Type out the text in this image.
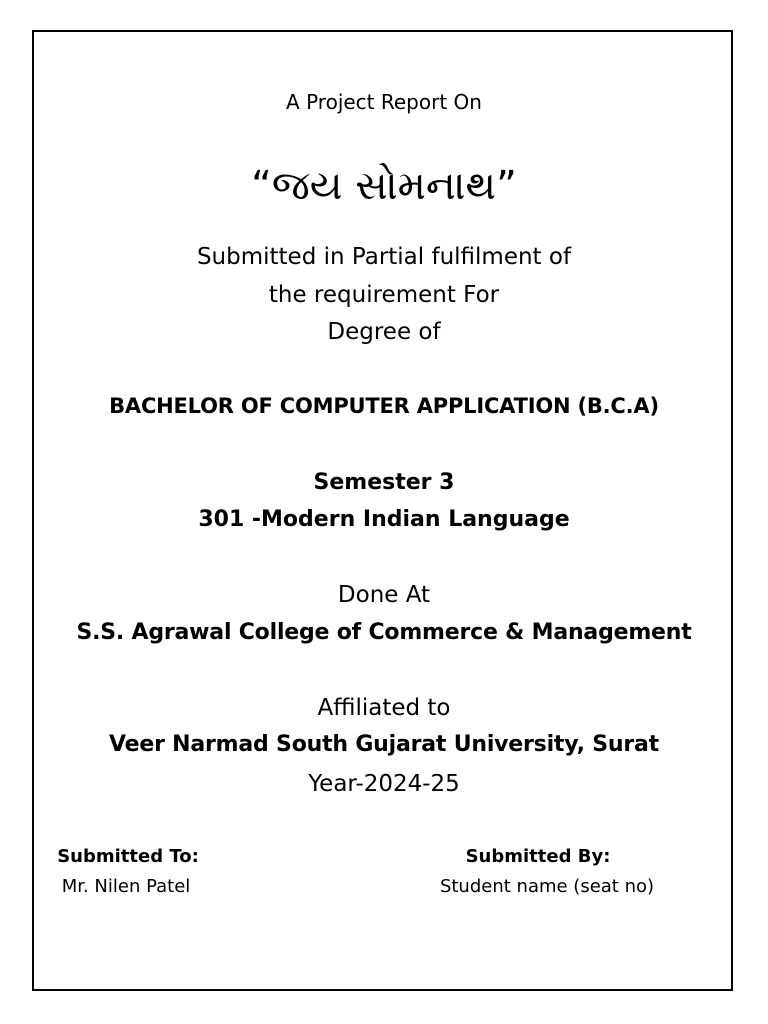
A Project Report On
“જય સોમનાથ”
Submitted in Partial fulfilment of
the requirement For
Degree of
BACHELOR OF COMPUTER APPLICATION (B.C.A)
Semester 3
301 -Modern Indian Language
Done At
S.S. Agrawal College of Commerce & Management
Affiliated to
Veer Narmad South Gujarat University, Surat
Year-2024-25
Submitted To:
Mr. Nilen Patel
Submitted By:
Student name (seat no)
